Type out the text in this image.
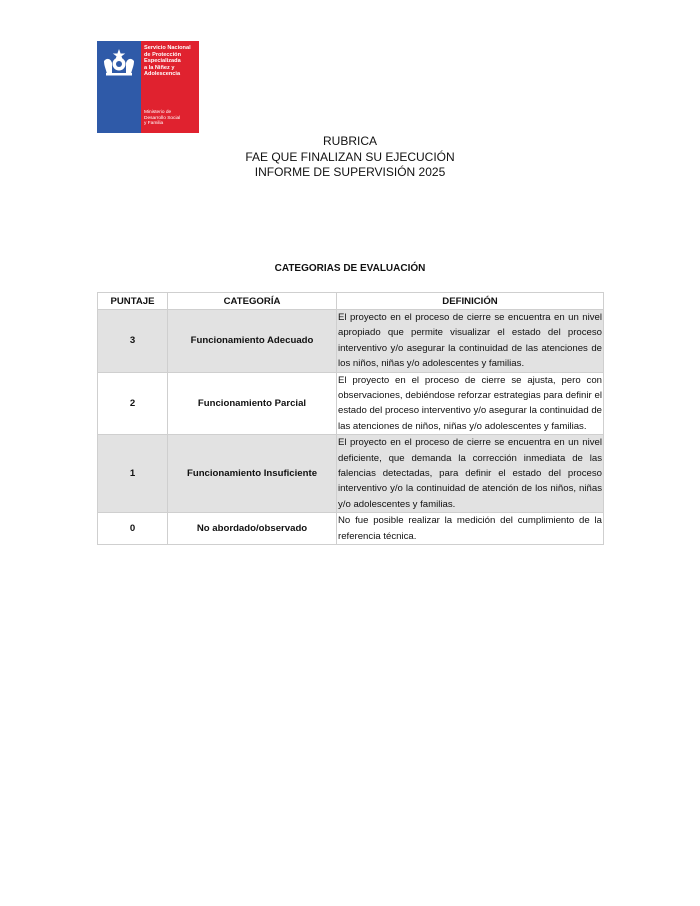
Servicio Nacional
de Protección
Especializada
a la Niñez y
Adolescencia
Ministerio de
Desarrollo Social
y Familia
RUBRICA
FAE QUE FINALIZAN SU EJECUCIÓN
INFORME DE SUPERVISIÓN 2025
CATEGORIAS DE EVALUACIÓN
PUNTAJE	CATEGORÍA	DEFINICIÓN
3	Funcionamiento Adecuado	El proyecto en el proceso de cierre se encuentra en un nivel apropiado que permite visualizar el estado del proceso interventivo y/o asegurar la continuidad de las atenciones de los niños, niñas y/o adolescentes y familias.
2	Funcionamiento Parcial	El proyecto en el proceso de cierre se ajusta, pero con observaciones, debiéndose reforzar estrategias para definir el estado del proceso interventivo y/o asegurar la continuidad de las atenciones de niños, niñas y/o adolescentes y familias.
1	Funcionamiento Insuficiente	El proyecto en el proceso de cierre se encuentra en un nivel deficiente, que demanda la corrección inmediata de las falencias detectadas, para definir el estado del proceso interventivo y/o la continuidad de atención de los niños, niñas y/o adolescentes y familias.
0	No abordado/observado	No fue posible realizar la medición del cumplimiento de la referencia técnica.
